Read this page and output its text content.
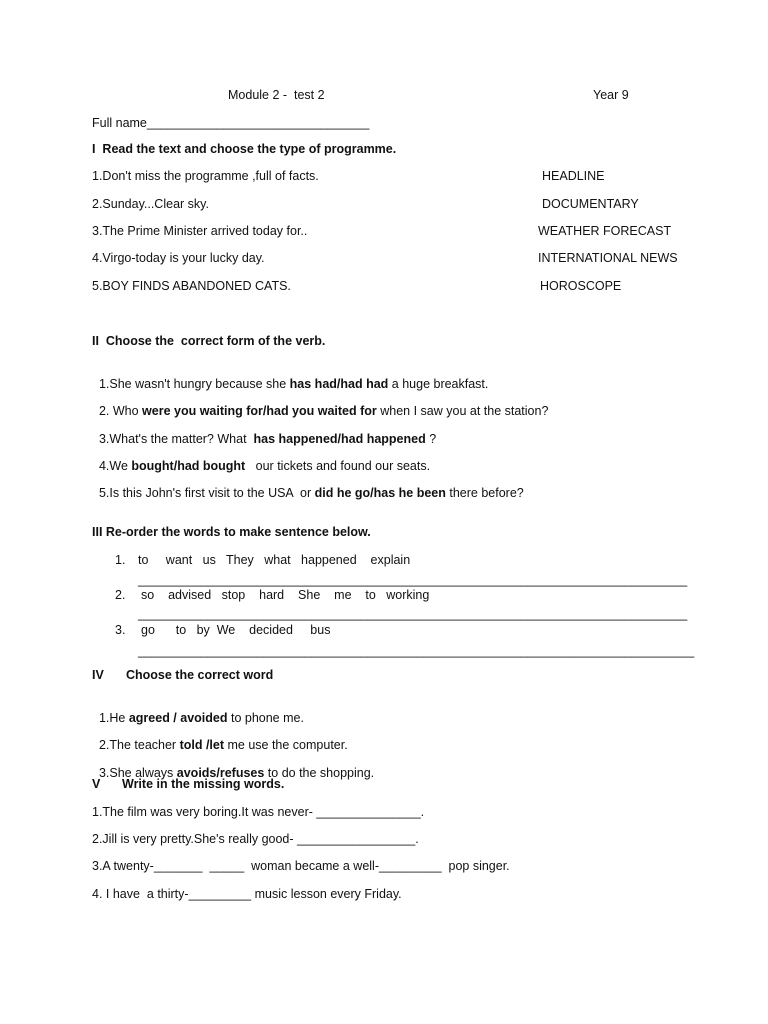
Module 2 -  test 2	Year 9
Full name________________________________
I  Read the text and choose the type of programme.
1.Don't miss the programme ,full of facts.
2.Sunday...Clear sky.
3.The Prime Minister arrived today for..
4.Virgo-today is your lucky day.
5.BOY FINDS ABANDONED CATS.
HEADLINE
DOCUMENTARY
WEATHER FORECAST
INTERNATIONAL NEWS
HOROSCOPE
II  Choose the  correct form of the verb.

1.She wasn't hungry because she has had/had had a huge breakfast.

2. Who were you waiting for/had you waited for when I saw you at the station?

3.What's the matter? What  has happened/had happened ?

4.We bought/had bought   our tickets and found our seats.

5.Is this John's first visit to the USA  or did he go/has he been there before?

III Re-order the words to make sentence below.
1. to     want   us   They   what   happened    explain
_______________________________________________________________________________
2. so    advised   stop    hard    She    me    to   working
_______________________________________________________________________________
3. go      to   by  We    decided     bus
________________________________________________________________________________
IV Choose the correct word

1.He agreed / avoided to phone me.

2.The teacher told /let me use the computer.

3.She always avoids/refuses to do the shopping.

V Write in the missing words.
1.The film was very boring.It was never- _______________.
2.Jill is very pretty.She's really good- _________________.
3.A twenty-_______  _____  woman became a well-_________  pop singer.
4. I have  a thirty-_________ music lesson every Friday.
